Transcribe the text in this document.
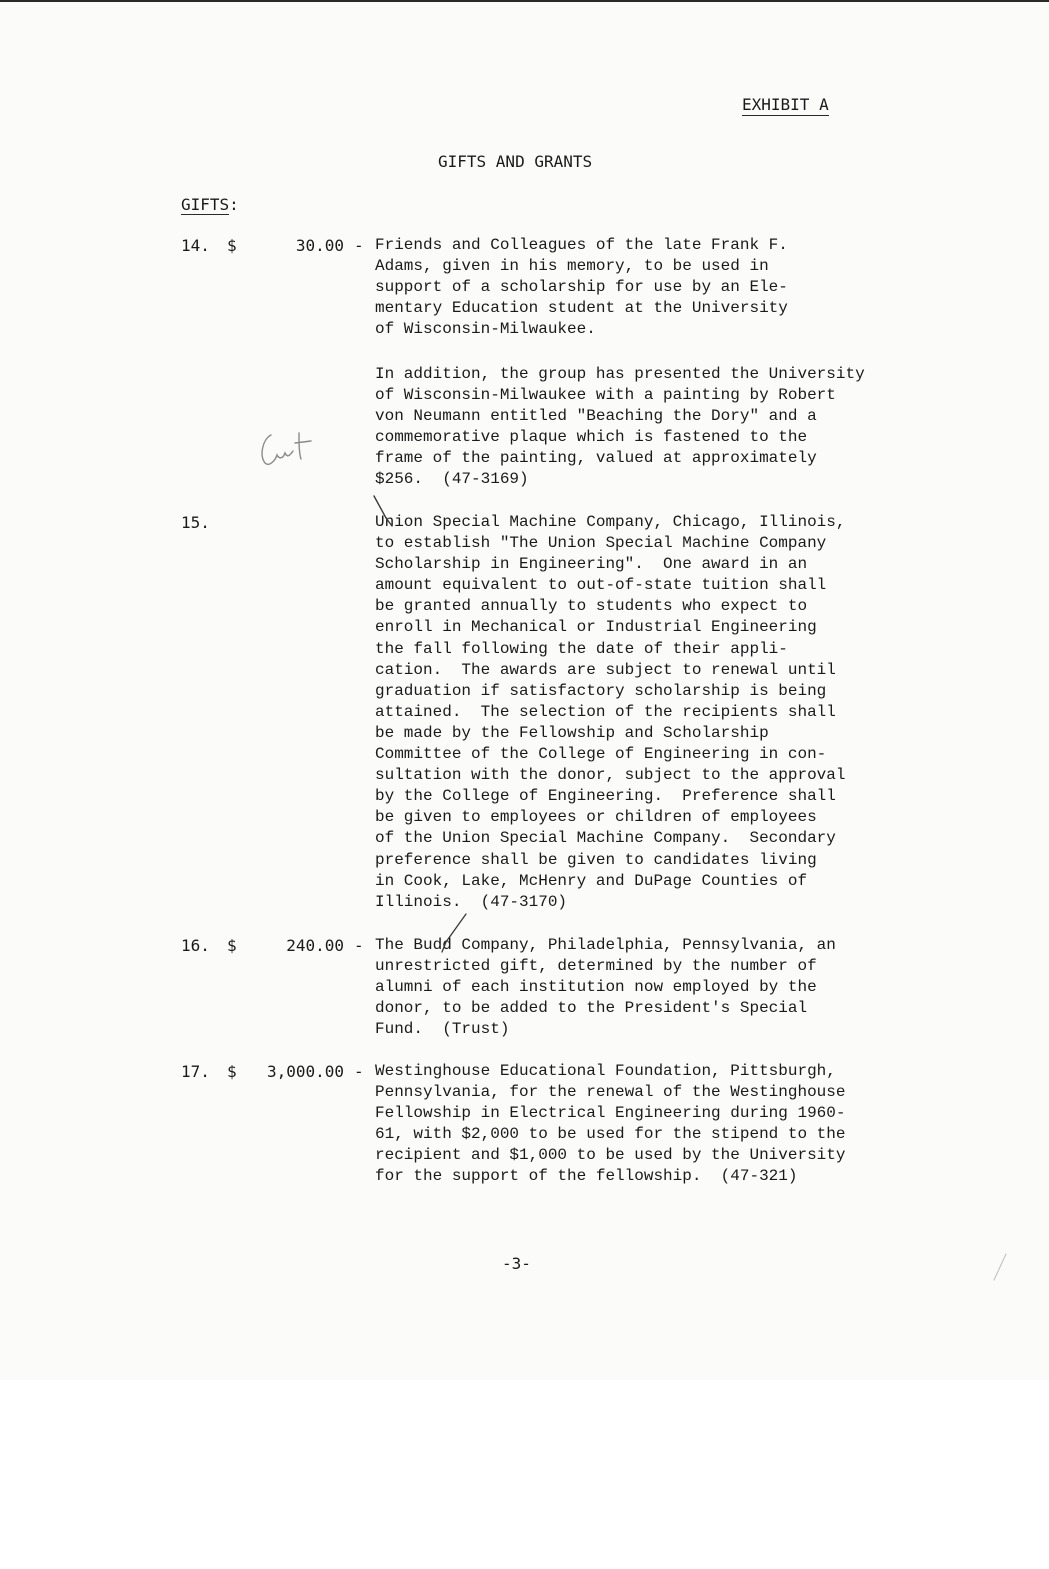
EXHIBIT A
GIFTS AND GRANTS
GIFTS:
14. $	30.00 - Friends and Colleagues of the late Frank F.
Adams, given in his memory, to be used in
support of a scholarship for use by an Ele-
mentary Education student at the University
of Wisconsin-Milwaukee.
In addition, the group has presented the University
of Wisconsin-Milwaukee with a painting by Robert
von Neumann entitled "Beaching the Dory" and a
commemorative plaque which is fastened to the
frame of the painting, valued at approximately
$256.  (47-3169)
15.	Union Special Machine Company, Chicago, Illinois,
to establish "The Union Special Machine Company
Scholarship in Engineering".  One award in an
amount equivalent to out-of-state tuition shall
be granted annually to students who expect to
enroll in Mechanical or Industrial Engineering
the fall following the date of their appli-
cation.  The awards are subject to renewal until
graduation if satisfactory scholarship is being
attained.  The selection of the recipients shall
be made by the Fellowship and Scholarship
Committee of the College of Engineering in con-
sultation with the donor, subject to the approval
by the College of Engineering.  Preference shall
be given to employees or children of employees
of the Union Special Machine Company.  Secondary
preference shall be given to candidates living
in Cook, Lake, McHenry and DuPage Counties of
Illinois.  (47-3170)
16. $	240.00 - The Budd Company, Philadelphia, Pennsylvania, an
unrestricted gift, determined by the number of
alumni of each institution now employed by the
donor, to be added to the President's Special
Fund.  (Trust)
17. $	3,000.00 - Westinghouse Educational Foundation, Pittsburgh,
Pennsylvania, for the renewal of the Westinghouse
Fellowship in Electrical Engineering during 1960-
61, with $2,000 to be used for the stipend to the
recipient and $1,000 to be used by the University
for the support of the fellowship.  (47-321)
-3-
